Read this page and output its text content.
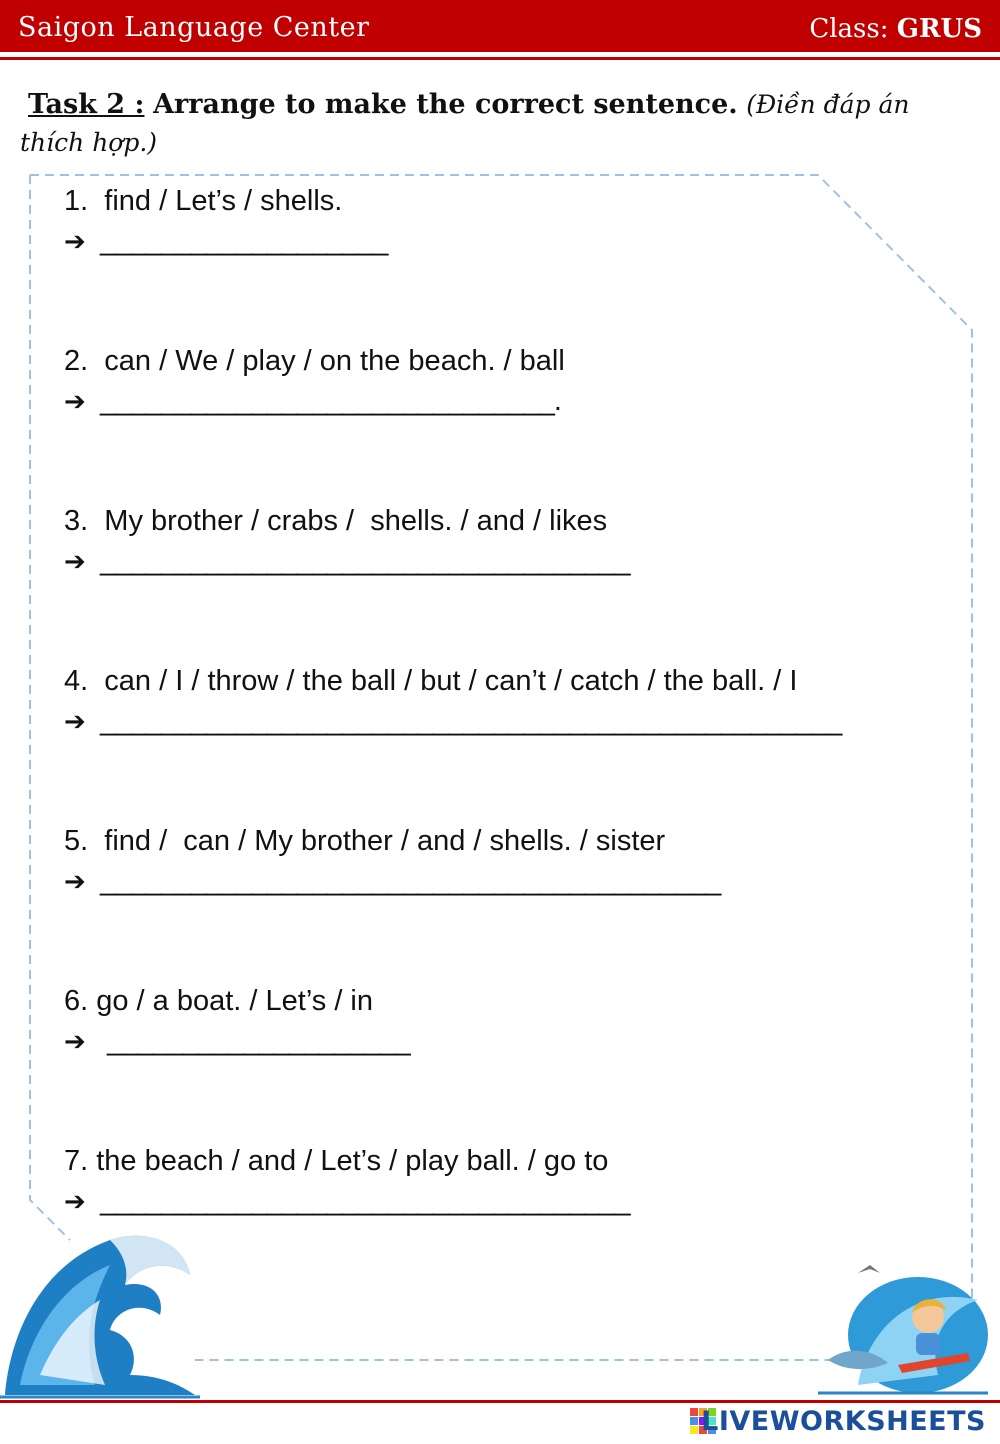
Saigon Language Center	Class: GRUS
Task 2 : Arrange to make the correct sentence. (Điền đáp án thích hợp.)
1.  find / Let’s / shells.
➔ ___________________
2.  can / We / play / on the beach. / ball
➔ ______________________________.
3.  My brother / crabs /  shells. / and / likes
➔ ___________________________________
4.  can / I / throw / the ball / but / can’t / catch / the ball. / I
➔ _________________________________________________
5.  find /  can / My brother / and / shells. / sister
➔ _________________________________________
6. go / a boat. / Let’s / in
➔ ____________________
7. the beach / and / Let’s / play ball. / go to
➔ ___________________________________
LIVEWORKSHEETS
